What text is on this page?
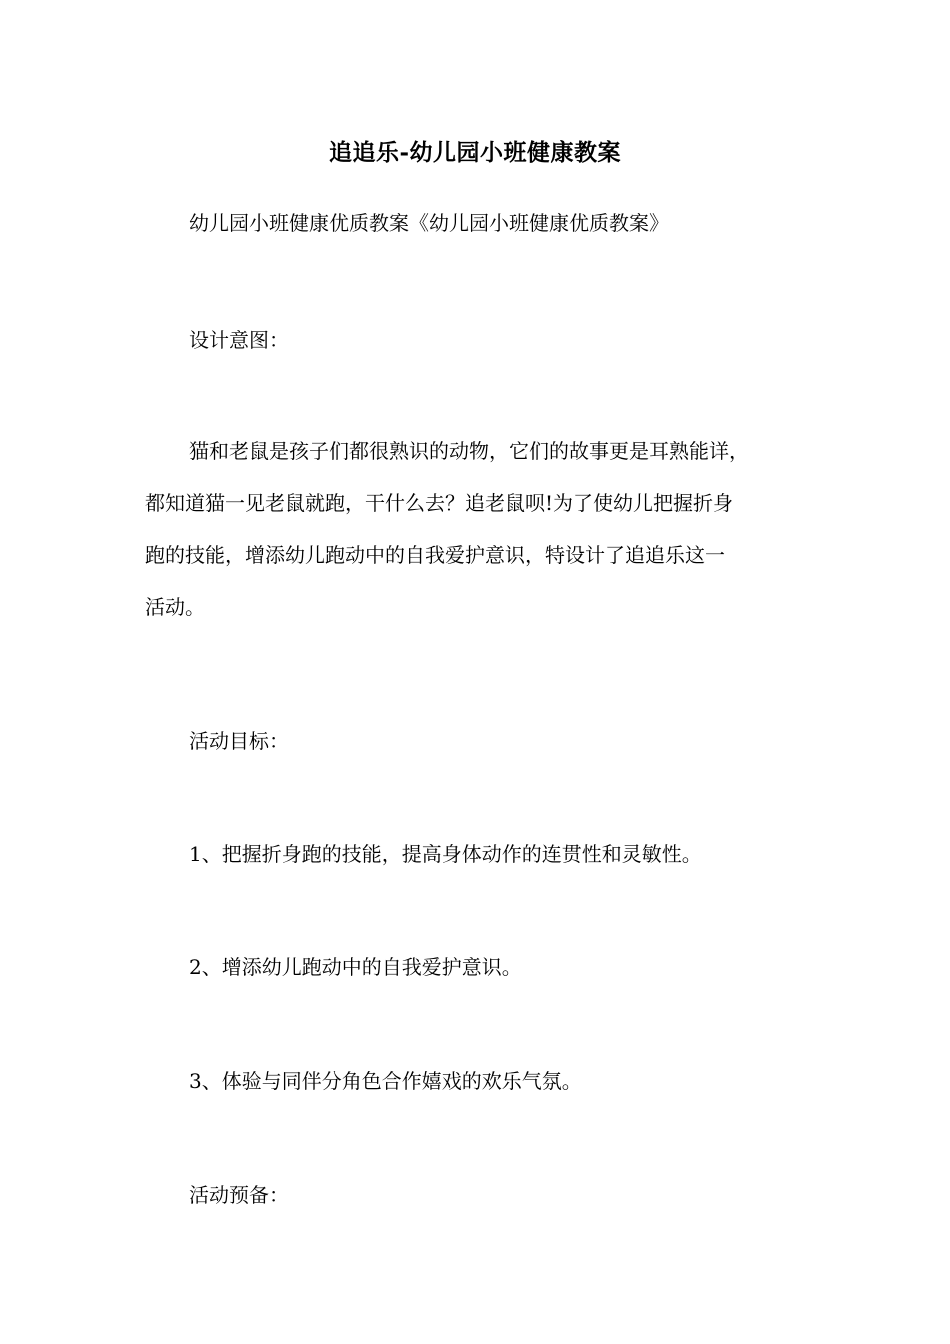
追追乐-幼儿园小班健康教案

幼儿园小班健康优质教案《幼儿园小班健康优质教案》

设计意图：

猫和老鼠是孩子们都很熟识的动物，它们的故事更是耳熟能详，
都知道猫一见老鼠就跑，干什么去？追老鼠呗!为了使幼儿把握折身
跑的技能，增添幼儿跑动中的自我爱护意识，特设计了追追乐这一
活动。

活动目标：

1、把握折身跑的技能，提高身体动作的连贯性和灵敏性。

2、增添幼儿跑动中的自我爱护意识。

3、体验与同伴分角色合作嬉戏的欢乐气氛。

活动预备：
